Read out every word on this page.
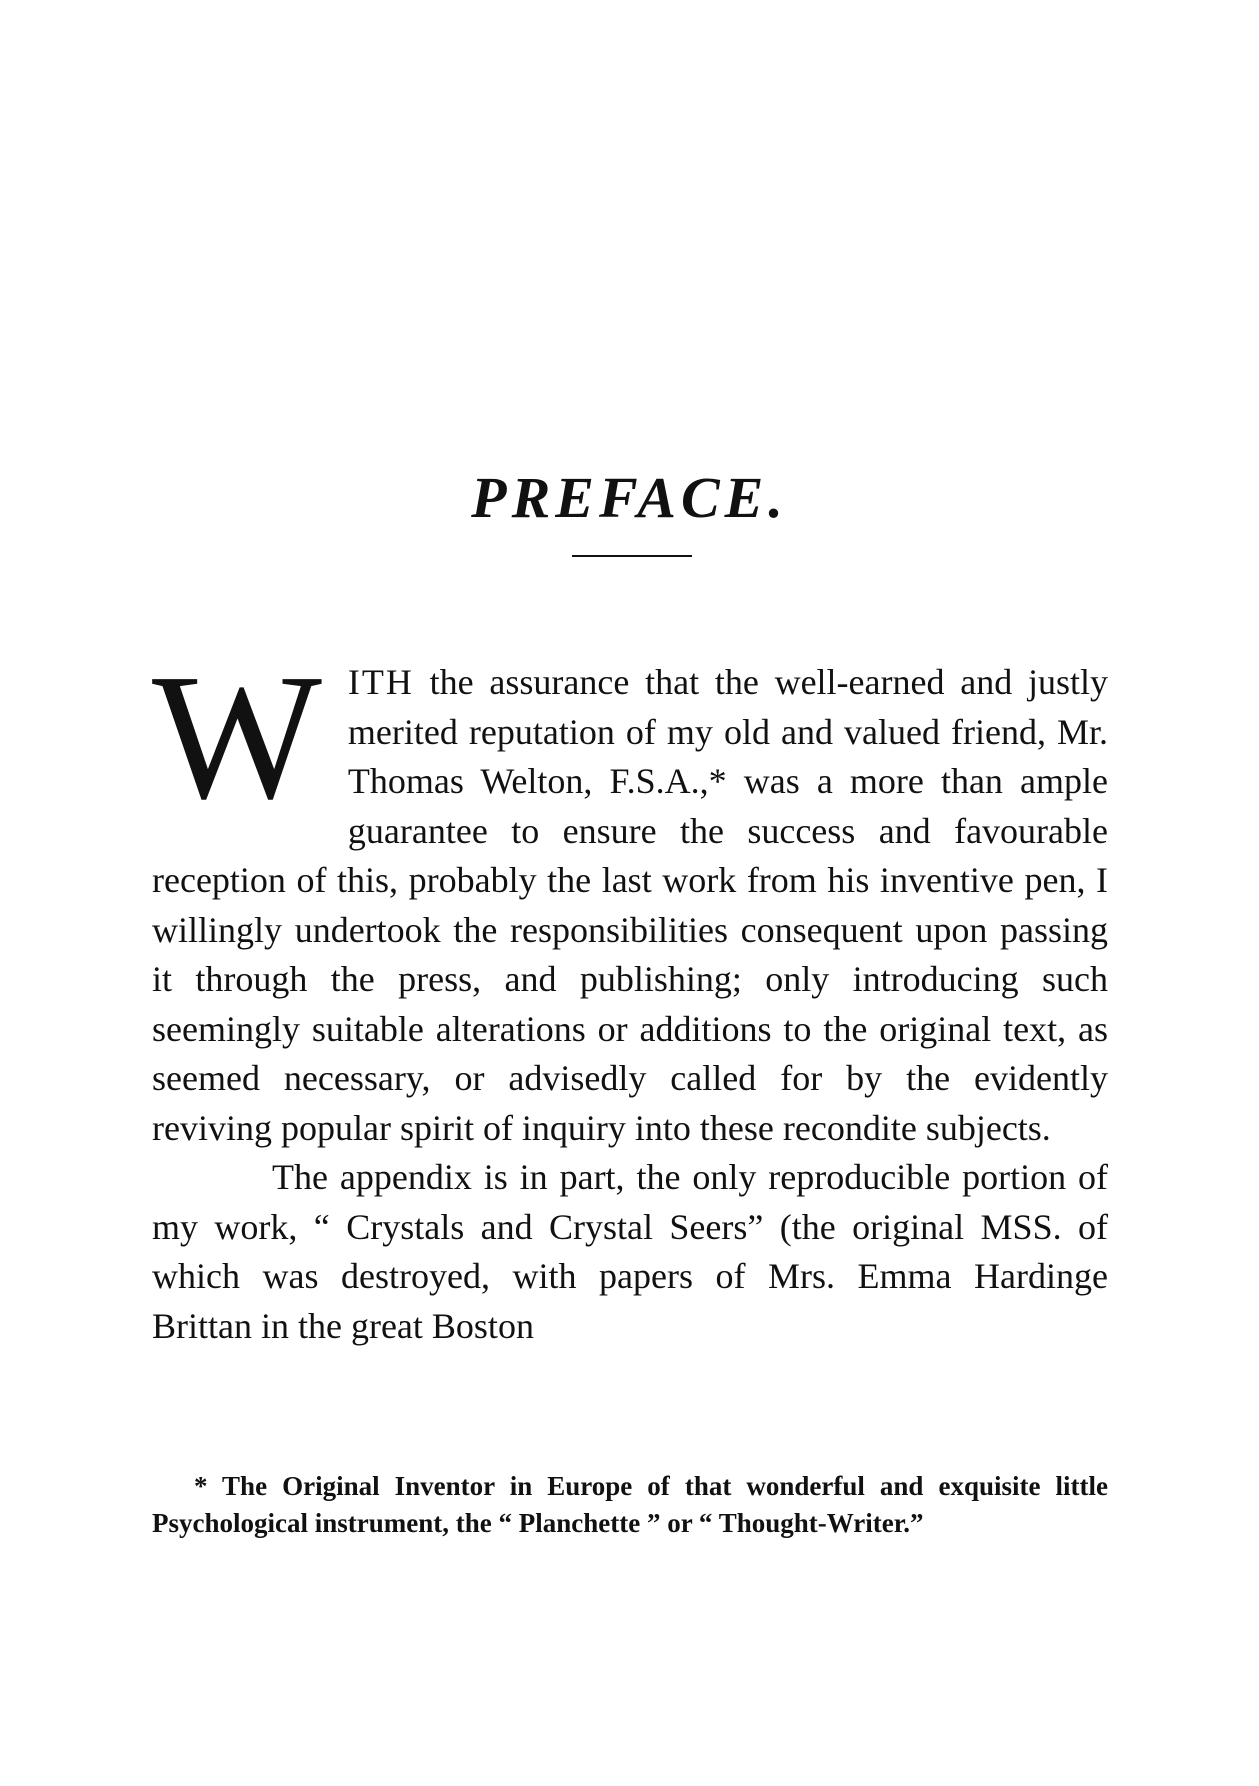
PREFACE.

WITH the assurance that the well-earned and justly merited reputation of my old and valued friend, Mr. Thomas Welton, F.S.A.,* was a more than ample guarantee to ensure the success and favourable reception of this, probably the last work from his inventive pen, I willingly undertook the responsibilities consequent upon passing it through the press, and publishing; only introducing such seemingly suitable alterations or additions to the original text, as seemed necessary, or advisedly called for by the evidently reviving popular spirit of inquiry into these recondite subjects.

The appendix is in part, the only reproducible portion of my work, “ Crystals and Crystal Seers” (the original MSS. of which was destroyed, with papers of Mrs. Emma Hardinge Brittan in the great Boston

* The Original Inventor in Europe of that wonderful and exquisite little Psychological instrument, the “ Planchette ” or “ Thought-Writer.”
